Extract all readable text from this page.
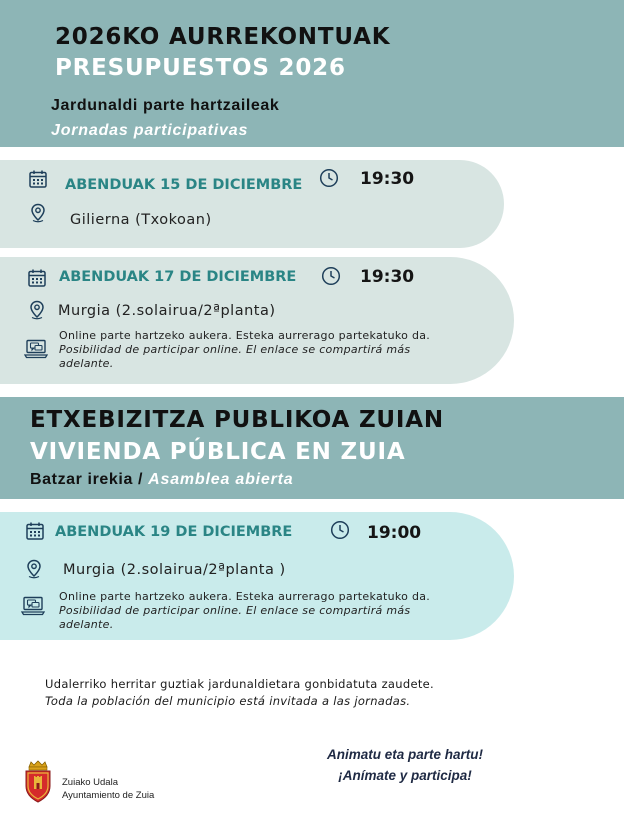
2026KO AURREKONTUAK
PRESUPUESTOS 2026
Jardunaldi parte hartzaileak
Jornadas participativas
ABENDUAK 15 DE DICIEMBRE	19:30
Gilierna (Txokoan)
ABENDUAK 17 DE DICIEMBRE	19:30
Murgia (2.solairua/2ªplanta)
Online parte hartzeko aukera. Esteka aurrerago partekatuko da.
Posibilidad de participar online. El enlace se compartirá más adelante.
ETXEBIZITZA PUBLIKOA ZUIAN
VIVIENDA PÚBLICA EN ZUIA
Batzar irekia / Asamblea abierta
ABENDUAK 19 DE DICIEMBRE	19:00
Murgia (2.solairua/2ªplanta )
Online parte hartzeko aukera. Esteka aurrerago partekatuko da.
Posibilidad de participar online. El enlace se compartirá más adelante.
Udalerriko herritar guztiak jardunaldietara gonbidatuta zaudete.
Toda la población del municipio está invitada a las jornadas.
Animatu eta parte hartu!
¡Anímate y participa!
Zuiako Udala
Ayuntamiento de Zuia
